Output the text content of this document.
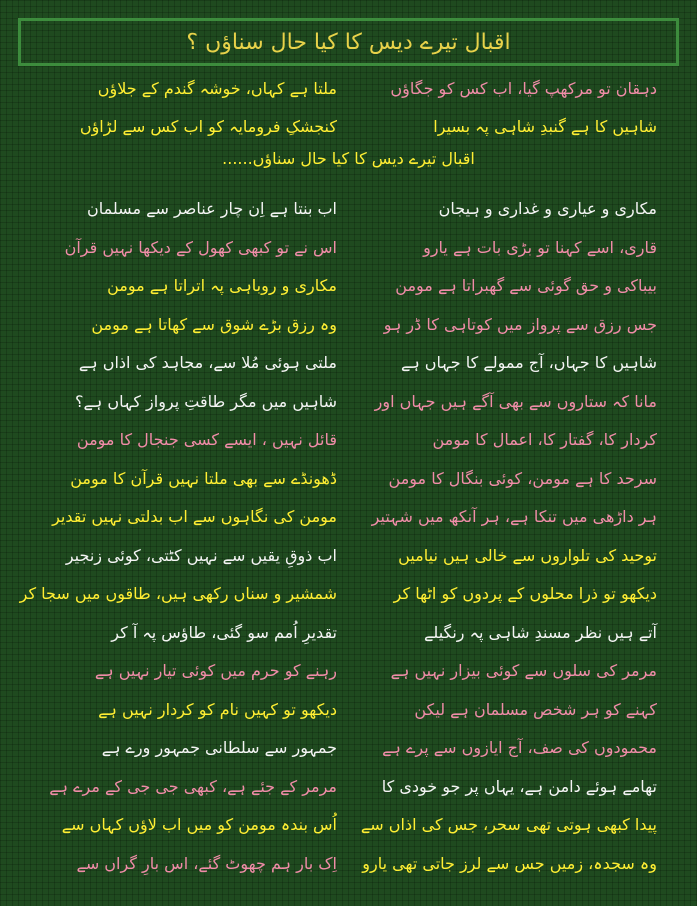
اقبال تیرے دیس کا کیا حال سناؤں ؟
دہقان تو مرکھپ گیا، اب کس کو جگاؤں
ملتا ہے کہاں، خوشہ گندم کے جلاؤں
شاہیں کا ہے گنبدِ شاہی پہ بسیرا
کنجشکِ فرومایہ کو اب کس سے لڑاؤں
اقبال تیرے دیس کا کیا حال سناؤں......
مکاری و عیاری و غداری و ہیجان
اب بنتا ہے اِن چار عناصر سے مسلمان
قاری، اسے کہنا تو بڑی بات ہے یارو
اس نے تو کبھی کھول کے دیکھا نہیں قرآن
بیباکی و حق گوئی سے گھبراتا ہے مومن
مکاری و روباہی پہ اتراتا ہے مومن
جس رزق سے پرواز میں کوتاہی کا ڈر ہو
وہ رزق بڑے شوق سے کھاتا ہے مومن
شاہیں کا جہاں، آج ممولے کا جہاں ہے
ملتی ہوئی مُلا سے، مجاہد کی اذاں ہے
مانا کہ ستاروں سے بھی آگے ہیں جہاں اور
شاہیں میں مگر طاقتِ پرواز کہاں ہے؟
کردار کا، گفتار کا، اعمال کا مومن
قائل نہیں ، ایسے کسی جنجال کا مومن
سرحد کا ہے مومن، کوئی بنگال کا مومن
ڈھونڈے سے بھی ملتا نہیں قرآن کا مومن
ہر داڑھی میں تنکا ہے، ہر آنکھ میں شہتیر
مومن کی نگاہوں سے اب بدلتی نہیں تقدیر
توحید کی تلواروں سے خالی ہیں نیامیں
اب ذوقِ یقیں سے نہیں کٹتی، کوئی زنجیر
دیکھو تو ذرا محلوں کے پردوں کو اٹھا کر
شمشیر و سناں رکھی ہیں، طاقوں میں سجا کر
آتے ہیں نظر مسندِ شاہی پہ رنگیلے
تقدیرِ اُمم سو گئی، طاؤس پہ آ کر
مرمر کی سلوں سے کوئی بیزار نہیں ہے
رہنے کو حرم میں کوئی تیار نہیں ہے
کہنے کو ہر شخص مسلمان ہے لیکن
دیکھو تو کہیں نام کو کردار نہیں ہے
محمودوں کی صف، آج ایازوں سے پرے ہے
جمہور سے سلطانی جمہور ورے ہے
تھامے ہوئے دامن ہے، یہاں پر جو خودی کا
مرمر کے جئے ہے، کبھی جی جی کے مرے ہے
پیدا کبھی ہوتی تھی سحر، جس کی اذاں سے
اُس بندہ مومن کو میں اب لاؤں کہاں سے
وہ سجدہ، زمیں جس سے لرز جاتی تھی یارو
اِک بار ہم چھوٹ گئے، اس بارِ گراں سے
